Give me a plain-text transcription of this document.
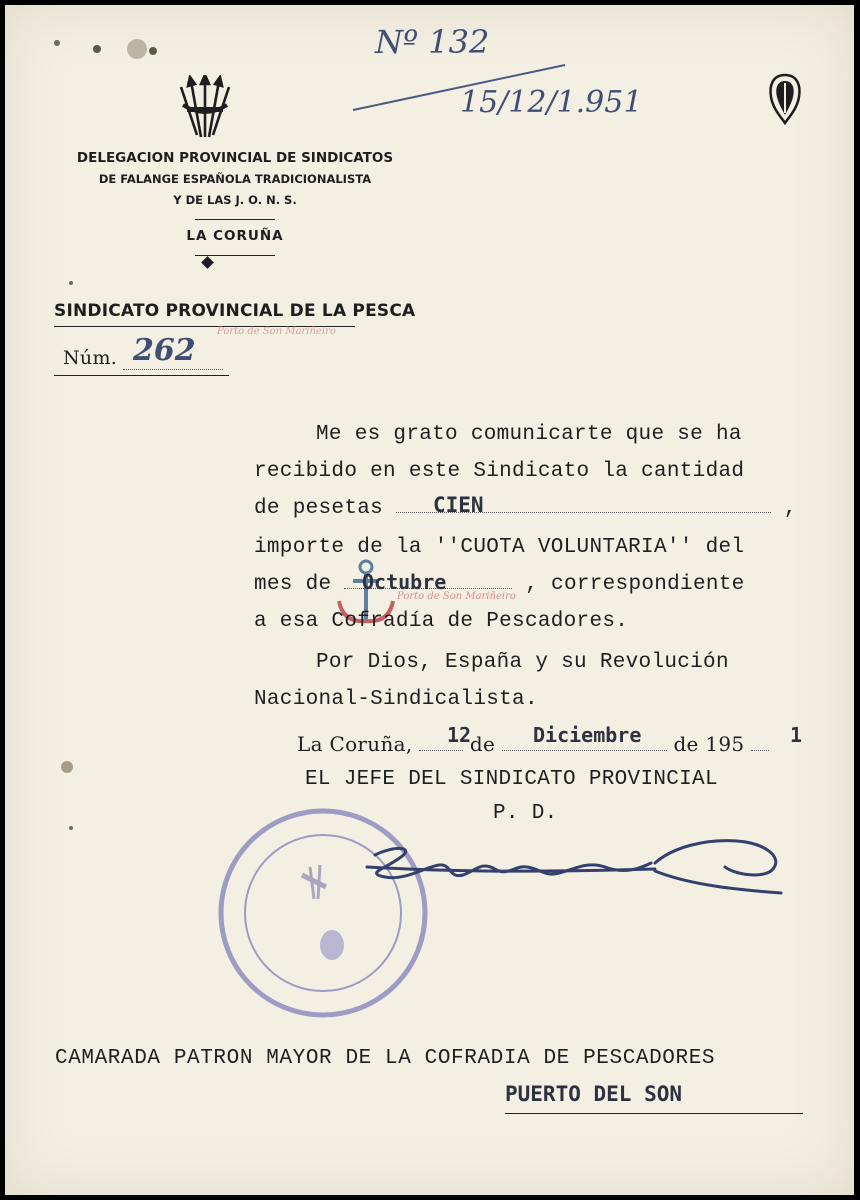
Nº 132
15/12/1.951
DELEGACION PROVINCIAL DE SINDICATOS
DE FALANGE ESPAÑOLA TRADICIONALISTA
Y DE LAS J. O. N. S.
LA CORUÑA
SINDICATO PROVINCIAL DE LA PESCA
Núm. 262
Porto de Son Mariñeiro
Porto de Son Mariñeiro
Me es grato comunicarte que se ha
recibido en este Sindicato la cantidad
de pesetas	,
CIEN
importe de la ''CUOTA VOLUNTARIA'' del
mes de	, correspondiente
Octubre
a esa Cofradía de Pescadores.
Por Dios, España y su Revolución
Nacional-Sindicalista.
La Coruña,	de	de 195
12	Diciembre	1
EL JEFE DEL SINDICATO PROVINCIAL
P. D.
CAMARADA PATRON MAYOR DE LA COFRADIA DE PESCADORES
PUERTO DEL SON
